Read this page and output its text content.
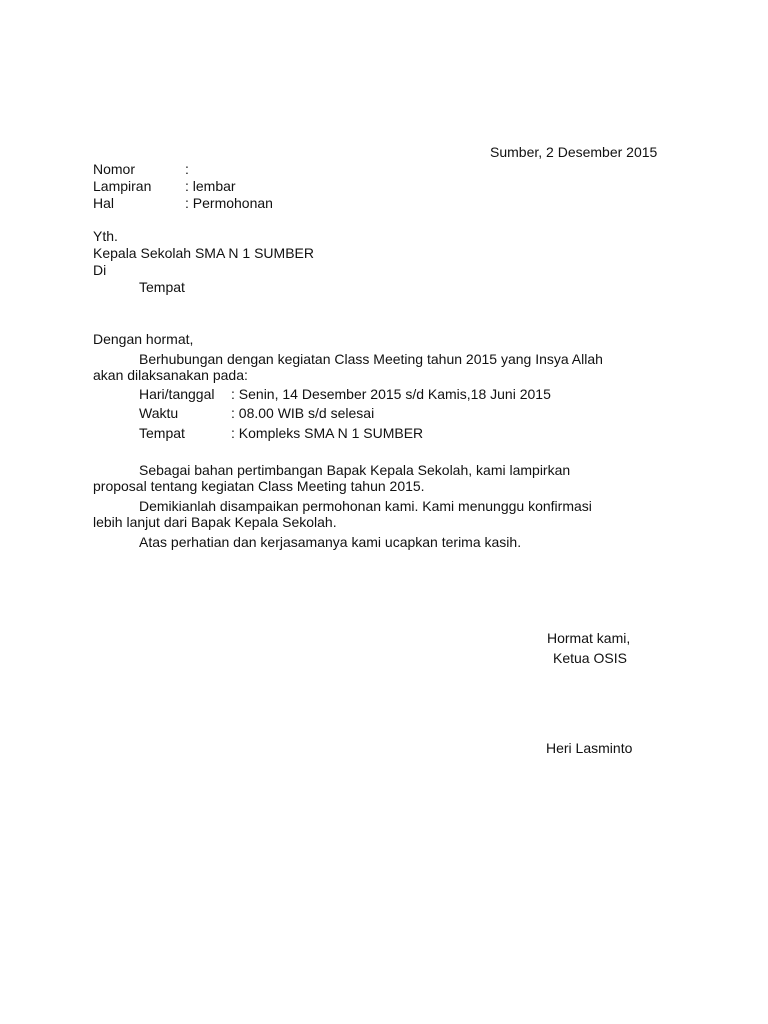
Sumber, 2 Desember 2015
Nomor	:
Lampiran : lembar
Hal	: Permohonan
Yth.
Kepala Sekolah SMA N 1 SUMBER
Di
Tempat
Dengan hormat,
Berhubungan dengan kegiatan Class Meeting tahun 2015 yang Insya Allah
akan dilaksanakan pada:
Hari/tanggal : Senin, 14 Desember 2015 s/d Kamis,18 Juni 2015
Waktu	: 08.00 WIB s/d selesai
Tempat	: Kompleks SMA N 1 SUMBER
Sebagai bahan pertimbangan Bapak Kepala Sekolah, kami lampirkan
proposal tentang kegiatan Class Meeting tahun 2015.
Demikianlah disampaikan permohonan kami. Kami menunggu konfirmasi
lebih lanjut dari Bapak Kepala Sekolah.
Atas perhatian dan kerjasamanya kami ucapkan terima kasih.
Hormat kami,
Ketua OSIS
Heri Lasminto
